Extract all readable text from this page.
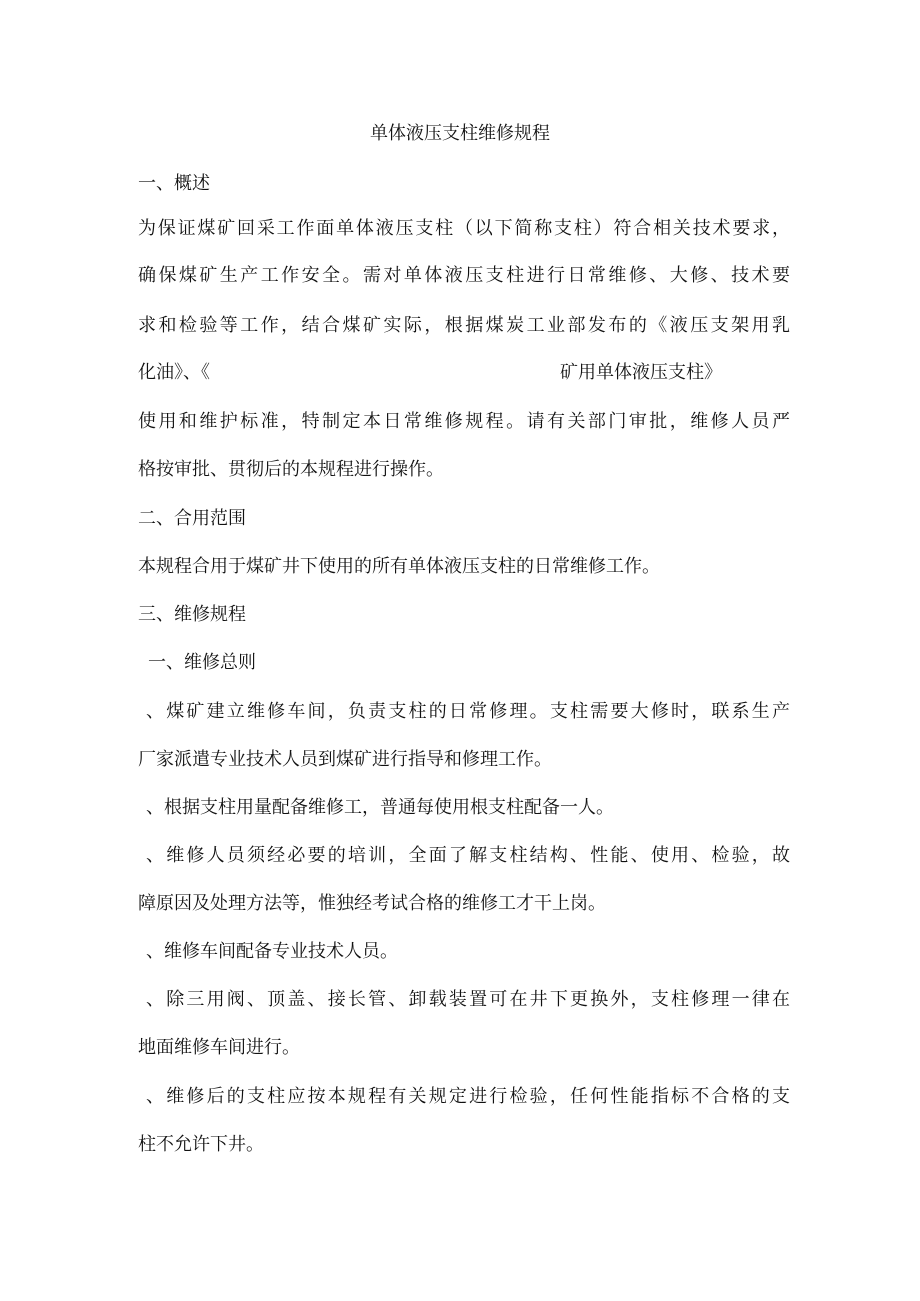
单体液压支柱维修规程
一、概述
为保证煤矿回采工作面单体液压支柱（以下简称支柱）符合相关技术要求，
确保煤矿生产工作安全。需对单体液压支柱进行日常维修、大修、技术要
求和检验等工作，结合煤矿实际，根据煤炭工业部发布的《液压支架用乳
化油》、《	矿用单体液压支柱》
使用和维护标准，特制定本日常维修规程。请有关部门审批，维修人员严
格按审批、贯彻后的本规程进行操作。
二、合用范围
本规程合用于煤矿井下使用的所有单体液压支柱的日常维修工作。
三、维修规程
一、维修总则
、煤矿建立维修车间，负责支柱的日常修理。支柱需要大修时，联系生产
厂家派遣专业技术人员到煤矿进行指导和修理工作。
、根据支柱用量配备维修工，普通每使用根支柱配备一人。
、维修人员须经必要的培训，全面了解支柱结构、性能、使用、检验，故
障原因及处理方法等，惟独经考试合格的维修工才干上岗。
、维修车间配备专业技术人员。
、除三用阀、顶盖、接长管、卸载装置可在井下更换外，支柱修理一律在
地面维修车间进行。
、维修后的支柱应按本规程有关规定进行检验，任何性能指标不合格的支
柱不允许下井。
